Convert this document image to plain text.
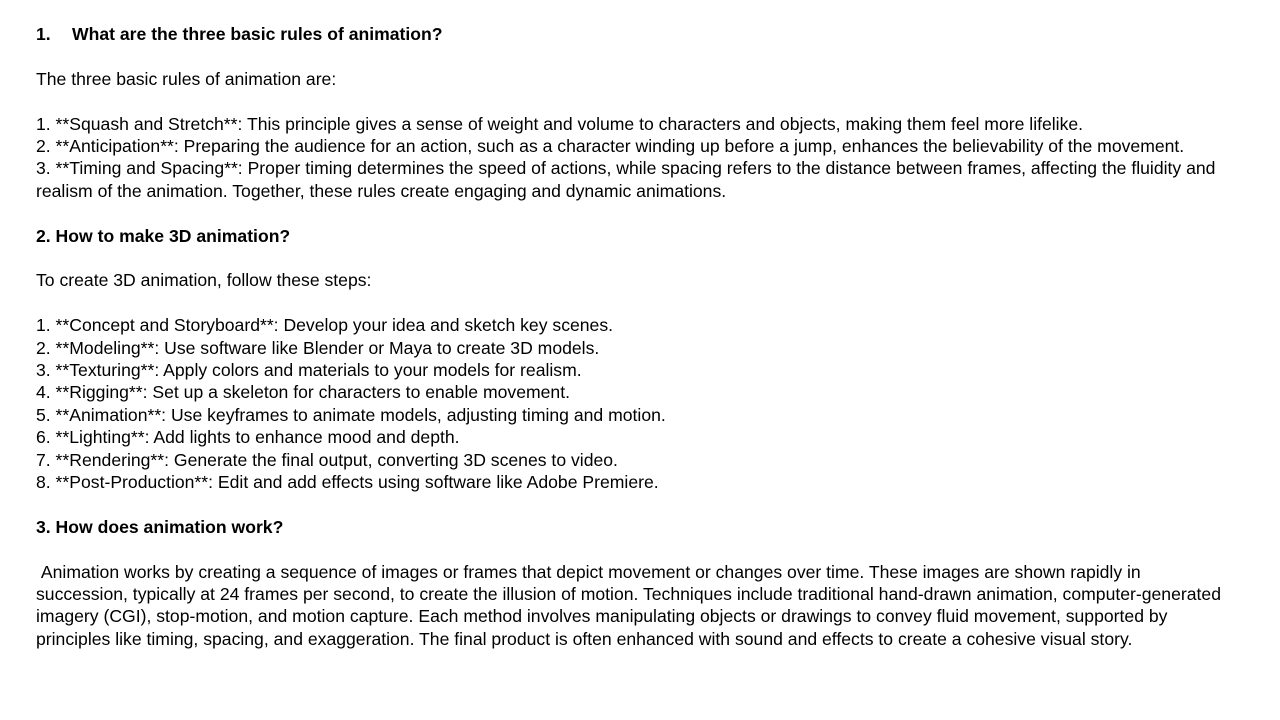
1. What are the three basic rules of animation?
The three basic rules of animation are:
1. **Squash and Stretch**: This principle gives a sense of weight and volume to characters and objects, making them feel more lifelike.
2. **Anticipation**: Preparing the audience for an action, such as a character winding up before a jump, enhances the believability of the movement.
3. **Timing and Spacing**: Proper timing determines the speed of actions, while spacing refers to the distance between frames, affecting the fluidity and realism of the animation. Together, these rules create engaging and dynamic animations.
2. How to make 3D animation?
To create 3D animation, follow these steps:
1. **Concept and Storyboard**: Develop your idea and sketch key scenes.
2. **Modeling**: Use software like Blender or Maya to create 3D models.
3. **Texturing**: Apply colors and materials to your models for realism.
4. **Rigging**: Set up a skeleton for characters to enable movement.
5. **Animation**: Use keyframes to animate models, adjusting timing and motion.
6. **Lighting**: Add lights to enhance mood and depth.
7. **Rendering**: Generate the final output, converting 3D scenes to video.
8. **Post-Production**: Edit and add effects using software like Adobe Premiere.
3. How does animation work?
Animation works by creating a sequence of images or frames that depict movement or changes over time. These images are shown rapidly in succession, typically at 24 frames per second, to create the illusion of motion. Techniques include traditional hand-drawn animation, computer-generated imagery (CGI), stop-motion, and motion capture. Each method involves manipulating objects or drawings to convey fluid movement, supported by principles like timing, spacing, and exaggeration. The final product is often enhanced with sound and effects to create a cohesive visual story.
